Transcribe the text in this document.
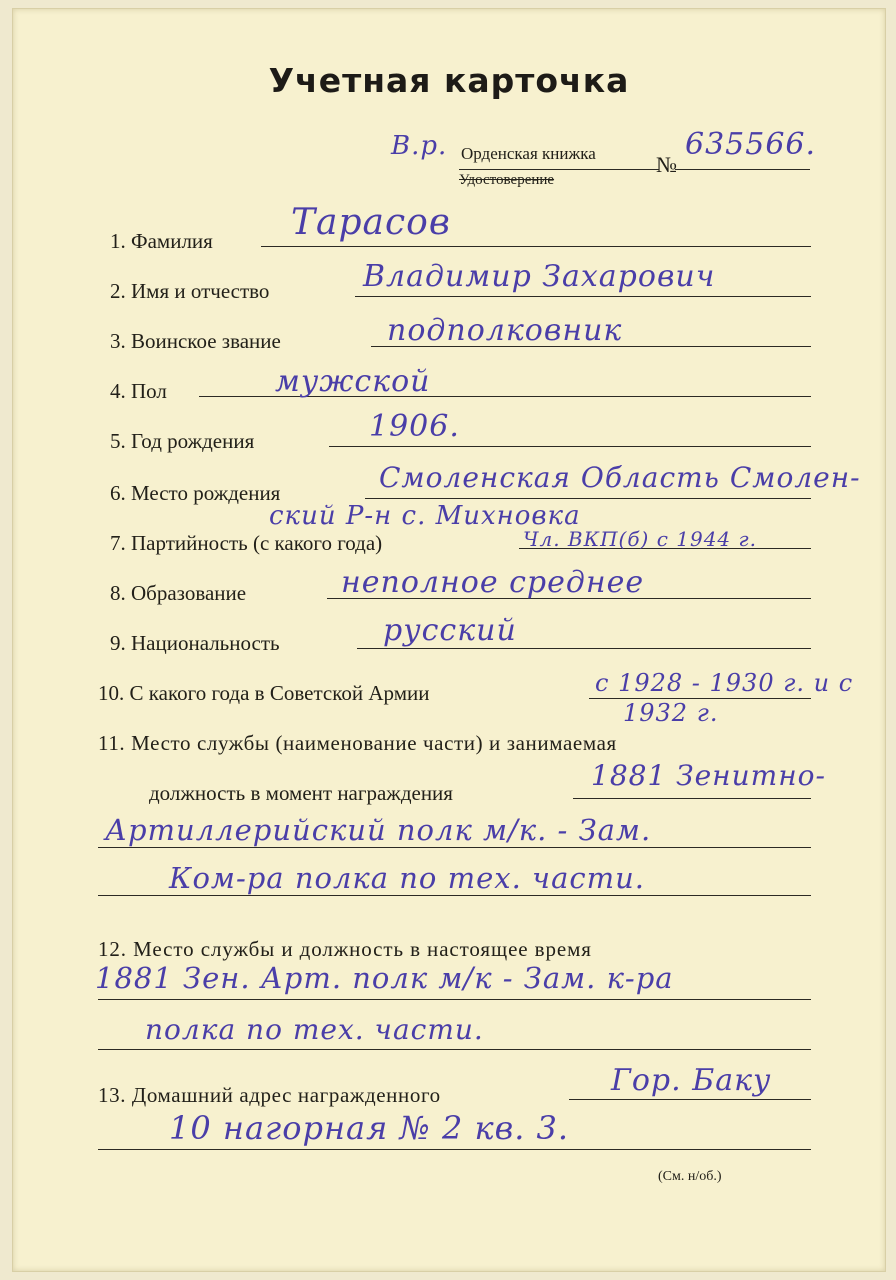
Учетная карточка
В.р. Орденская книжка
Удостоверение
№
635566.
1. Фамилия Тарасов
2. Имя и отчество	Владимир Захарович
3. Воинское звание	подполковник
4. Пол	мужской
5. Год рождения	1906.
6. Место рождения	Смоленская Область Смолен-
ский Р-н с. Михновка
7. Партийность (с какого года)	Чл. ВКП(б) с 1944 г.
8. Образование	неполное среднее
9. Национальность	русский
10. С какого года в Советской Армии	с 1928 - 1930 г. и с
1932 г.
11. Место службы (наименование части) и занимаемая
должность в момент награждения
1881 Зенитно-
Артиллерийский полк м/к. - Зам.
Ком-ра полка по тех. части.
12. Место службы и должность в настоящее время
1881 Зен. Арт. полк м/к - Зам. к-ра
полка по тех. части.
13. Домашний адрес награжденного	Гор. Баку
10 нагорная № 2 кв. 3.
(См. н/об.)
